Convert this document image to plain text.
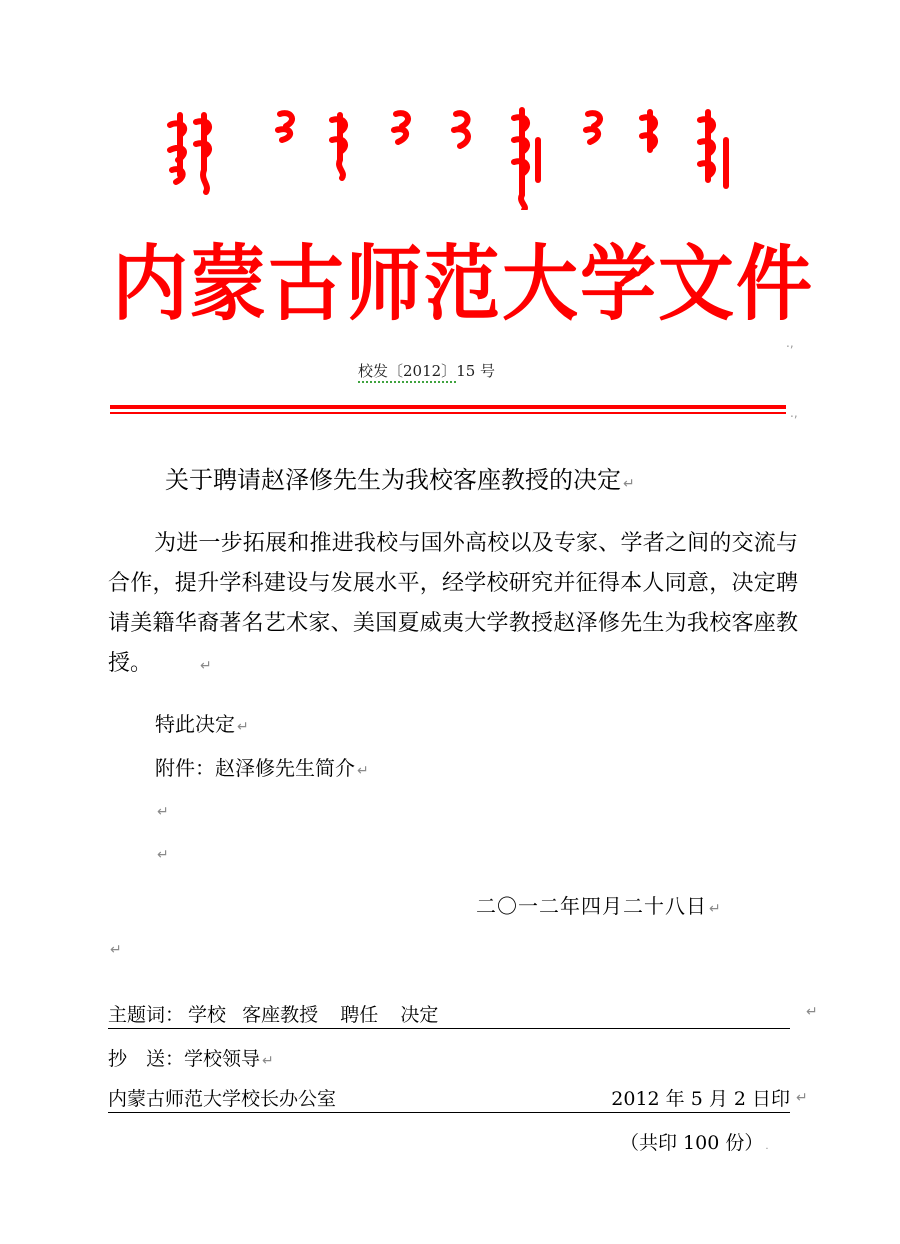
内蒙古师范大学文件
.,
校发〔2012〕15 号
.,
关于聘请赵泽修先生为我校客座教授的决定 ↵
为进一步拓展和推进我校与国外高校以及专家、学者之间的交流与合作，提升学科建设与发展水平，经学校研究并征得本人同意，决定聘请美籍华裔著名艺术家、美国夏威夷大学教授赵泽修先生为我校客座教授。	↵
特此决定 ↵
附件：赵泽修先生简介 ↵
↵
↵
二〇一二年四月二十八日 ↵
↵
主题词： 学校 客座教授 聘任 决定	↵
抄　送：学校领导 ↵
内蒙古师范大学校长办公室	2012 年 5 月 2 日印 ↵
（共印 100 份） .
